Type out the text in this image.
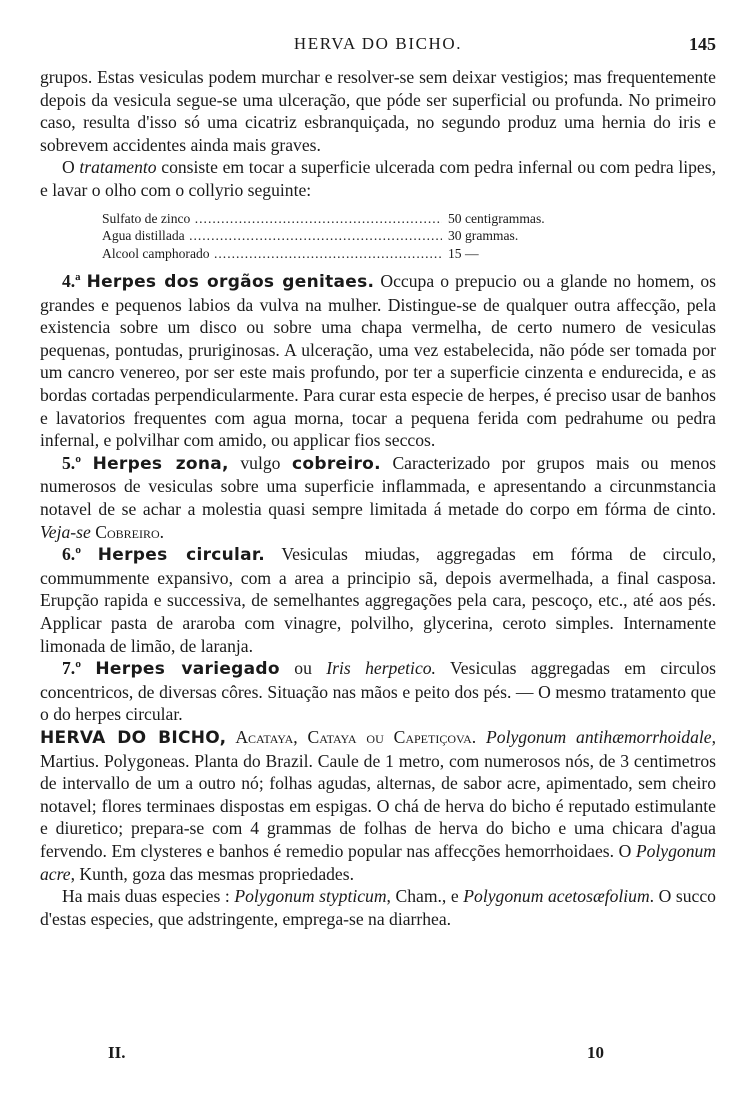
HERVA DO BICHO.	145

grupos. Estas vesiculas podem murchar e resolver-se sem deixar vestigios; mas frequentemente depois da vesicula segue-se uma ulceração, que póde ser superficial ou profunda. No primeiro caso, resulta d'isso só uma cicatriz esbranquiçada, no segundo produz uma hernia do iris e sobrevem accidentes ainda mais graves.

O tratamento consiste em tocar a superficie ulcerada com pedra infernal ou com pedra lipes, e lavar o olho com o collyrio seguinte:

Sulfato de zinco .....	50 centigrammas.
Agua distillada .....	30 grammas.
Alcool camphorado .....	15 —

4.ª Herpes dos orgãos genitaes. Occupa o prepucio ou a glande no homem, os grandes e pequenos labios da vulva na mulher. Distingue-se de qualquer outra affecção, pela existencia sobre um disco ou sobre uma chapa vermelha, de certo numero de vesiculas pequenas, pontudas, pruriginosas. A ulceração, uma vez estabelecida, não póde ser tomada por um cancro venereo, por ser este mais profundo, por ter a superficie cinzenta e endurecida, e as bordas cortadas perpendicularmente. Para curar esta especie de herpes, é preciso usar de banhos e lavatorios frequentes com agua morna, tocar a pequena ferida com pedrahume ou pedra infernal, e polvilhar com amido, ou applicar fios seccos.

5.º Herpes zona, vulgo cobreiro. Caracterizado por grupos mais ou menos numerosos de vesiculas sobre uma superficie inflammada, e apresentando a circunmstancia notavel de se achar a molestia quasi sempre limitada á metade do corpo em fórma de cinto. Veja-se Cobreiro.

6.º Herpes circular. Vesiculas miudas, aggregadas em fórma de circulo, commummente expansivo, com a area a principio sã, depois avermelhada, a final casposa. Erupção rapida e successiva, de semelhantes aggregações pela cara, pescoço, etc., até aos pés. Applicar pasta de araroba com vinagre, polvilho, glycerina, ceroto simples. Internamente limonada de limão, de laranja.

7.º Herpes variegado ou Iris herpetico. Vesiculas aggregadas em circulos concentricos, de diversas côres. Situação nas mãos e peito dos pés. — O mesmo tratamento que o do herpes circular.

HERVA DO BICHO, Acataya, Cataya ou Capetiçova. Polygonum antihæmorrhoidale, Martius. Polygoneas. Planta do Brazil. Caule de 1 metro, com numerosos nós, de 3 centimetros de intervallo de um a outro nó; folhas agudas, alternas, de sabor acre, apimentado, sem cheiro notavel; flores terminaes dispostas em espigas. O chá de herva do bicho é reputado estimulante e diuretico; prepara-se com 4 grammas de folhas de herva do bicho e uma chicara d'agua fervendo. Em clysteres e banhos é remedio popular nas affecções hemorrhoidaes. O Polygonum acre, Kunth, goza das mesmas propriedades.

Ha mais duas especies : Polygonum stypticum, Cham., e Polygonum acetosæfolium. O succo d'estas especies, que adstringente, emprega-se na diarrhea.

II.	10
